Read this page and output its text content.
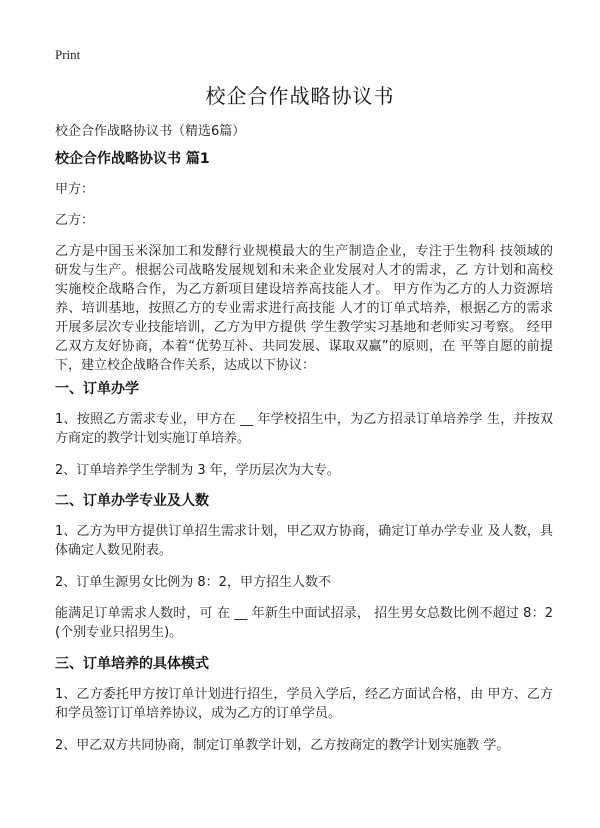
Print
校企合作战略协议书

校企合作战略协议书（精选6篇）

校企合作战略协议书 篇1

甲方：

乙方：

乙方是中国玉米深加工和发酵行业规模最大的生产制造企业，专注于生物科 技领域的研发与生产。根据公司战略发展规划和未来企业发展对人才的需求，乙 方计划和高校实施校企战略合作，为乙方新项目建设培养高技能人才。 甲方作为乙方的人力资源培养、培训基地，按照乙方的专业需求进行高技能 人才的订单式培养，根据乙方的需求开展多层次专业技能培训，乙方为甲方提供 学生教学实习基地和老师实习考察。 经甲乙双方友好协商，本着“优势互补、共同发展、谋取双赢”的原则，在 平等自愿的前提下，建立校企战略合作关系，达成以下协议：

一、订单办学

1、按照乙方需求专业，甲方在 __ 年学校招生中，为乙方招录订单培养学 生，并按双方商定的教学计划实施订单培养。

2、订单培养学生学制为 3 年，学历层次为大专。

二、订单办学专业及人数

1、乙方为甲方提供订单招生需求计划，甲乙双方协商，确定订单办学专业 及人数，具体确定人数见附表。

2、订单生源男女比例为 8：2，甲方招生人数不

能满足订单需求人数时，可 在 __ 年新生中面试招录， 招生男女总数比例不超过 8：2 (个别专业只招男生)。

三、订单培养的具体模式

1、乙方委托甲方按订单计划进行招生，学员入学后，经乙方面试合格，由 甲方、乙方和学员签订订单培养协议，成为乙方的订单学员。

2、甲乙双方共同协商，制定订单教学计划，乙方按商定的教学计划实施教 学。
